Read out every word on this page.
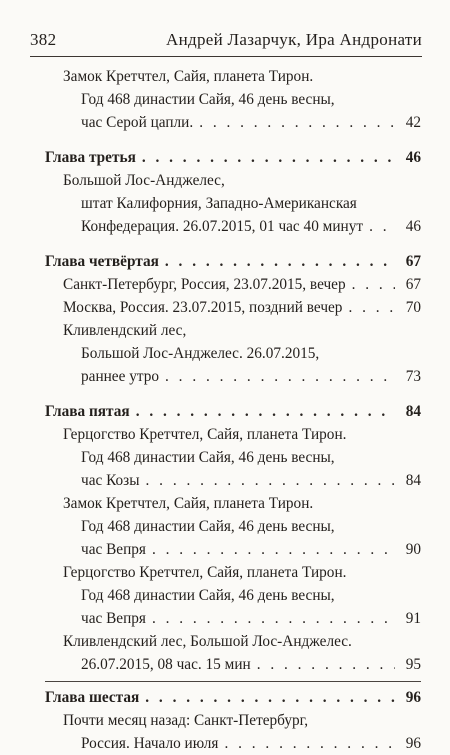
382	Андрей Лазарчук, Ира Андронати
Замок Кретчтел, Сайя, планета Тирон.
Год 468 династии Сайя, 46 день весны,
час Серой цапли. . . .	42
Глава третья . . .	46
Большой Лос-Анджелес,
штат Калифорния, Западно-Американская
Конфедерация. 26.07.2015, 01 час 40 минут . . .	46
Глава четвёртая . . .	67
Санкт-Петербург, Россия, 23.07.2015, вечер . . .	67
Москва, Россия. 23.07.2015, поздний вечер . . .	70
Кливлендский лес,
Большой Лос-Анджелес. 26.07.2015,
раннее утро . . .	73
Глава пятая . . .	84
Герцогство Кретчтел, Сайя, планета Тирон.
Год 468 династии Сайя, 46 день весны,
час Козы . . .	84
Замок Кретчтел, Сайя, планета Тирон.
Год 468 династии Сайя, 46 день весны,
час Вепря . . .	90
Герцогство Кретчтел, Сайя, планета Тирон.
Год 468 династии Сайя, 46 день весны,
час Вепря . . .	91
Кливлендский лес, Большой Лос-Анджелес.
26.07.2015, 08 час. 15 мин . . .	95
Глава шестая . . .	96
Почти месяц назад: Санкт-Петербург,
Россия. Начало июля . . .	96
